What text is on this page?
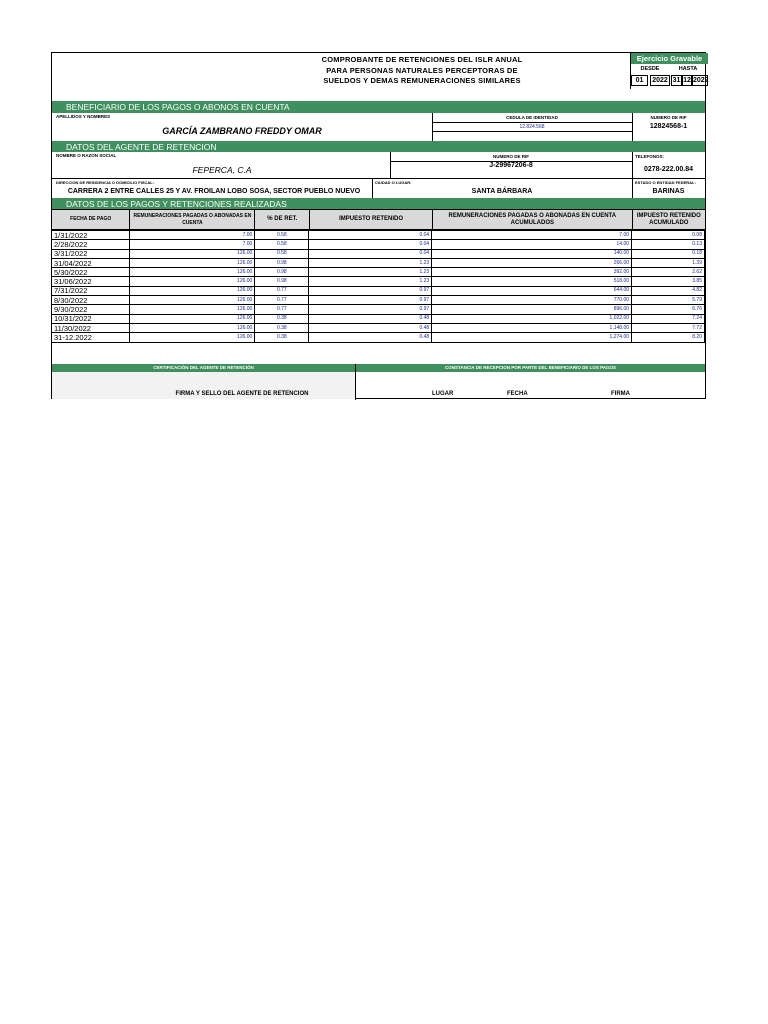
COMPROBANTE DE RETENCIONES DEL ISLR ANUAL
PARA PERSONAS NATURALES PERCEPTORAS DE
SUELDOS Y DEMAS REMUNERACIONES SIMILARES
Ejercicio Gravable
DESDE	HASTA
01	2022 31 12 2022
BENEFICIARIO DE LOS PAGOS O ABONOS EN CUENTA
APELLIDOS Y NOMBRES
GARCÍA ZAMBRANO FREDDY OMAR
CEDULA DE IDENTIDAD
12.824.568
NUMERO DE RIF
12824568-1
DATOS DEL AGENTE DE RETENCION
NOMBRE O RAZON SOCIAL
FEPERCA, C.A
NUMERO DE RIF
J-29967206-8
TELEFONOS:
0278-222.00.84
DIRECCION DE RESIDENCIA O DOMICILIO FISCAL:
CARRERA 2 ENTRE CALLES 25 Y AV. FROILAN LOBO SOSA, SECTOR PUEBLO NUEVO
CIUDAD O LUGAR:
SANTA BÁRBARA
ESTADO O ENTIDAD FEDERAL:
BARINAS
DATOS DE LOS PAGOS Y RETENCIONES REALIZADAS
FECHA DE PAGO
REMUNERACIONES PAGADAS O ABONADAS EN CUENTA
% DE RET.	IMPUESTO RETENIDO
REMUNERACIONES PAGADAS O ABONADAS EN CUENTA ACUMULADOS
IMPUESTO RETENIDO ACUMULADO
1/31/2022	7.00	0.58	0.04	7.00	0.08
2/28/2022	7.00	0.58	0.04	14.00	0.13
3/31/2022	126.00	0.58	0.04	140.00	0.18
31/04/2022	126.00	0.98	1.23	266.00	1.39
5/30/2022	126.00	0.98	1.23	392.00	2.62
31/06/2022	126.00	0.98	1.23	518.00	3.85
7/31/2022	126.00	0.77	0.97	644.00	4.82
8/30/2022	126.00	0.77	0.97	770.00	5.79
9/30/2022	126.00	0.77	0.97	896.00	6.76
10/31/2022	126.00	0.38	0.48	1,022.00	7.24
11/30/2022	126.00	0.38	0.48	1,148.00	7.72
31-12.2022	126.00	0.38	0.48	1,274.00	8.20
CERTIFICACIÓN DEL AGENTE DE RETENCIÓN	CONSTANCIA DE RECEPCION POR PARTE DEL BENEFICIARIO DE LOS PAGOS
FIRMA Y SELLO DEL AGENTE DE RETENCION	LUGAR	FECHA	FIRMA
